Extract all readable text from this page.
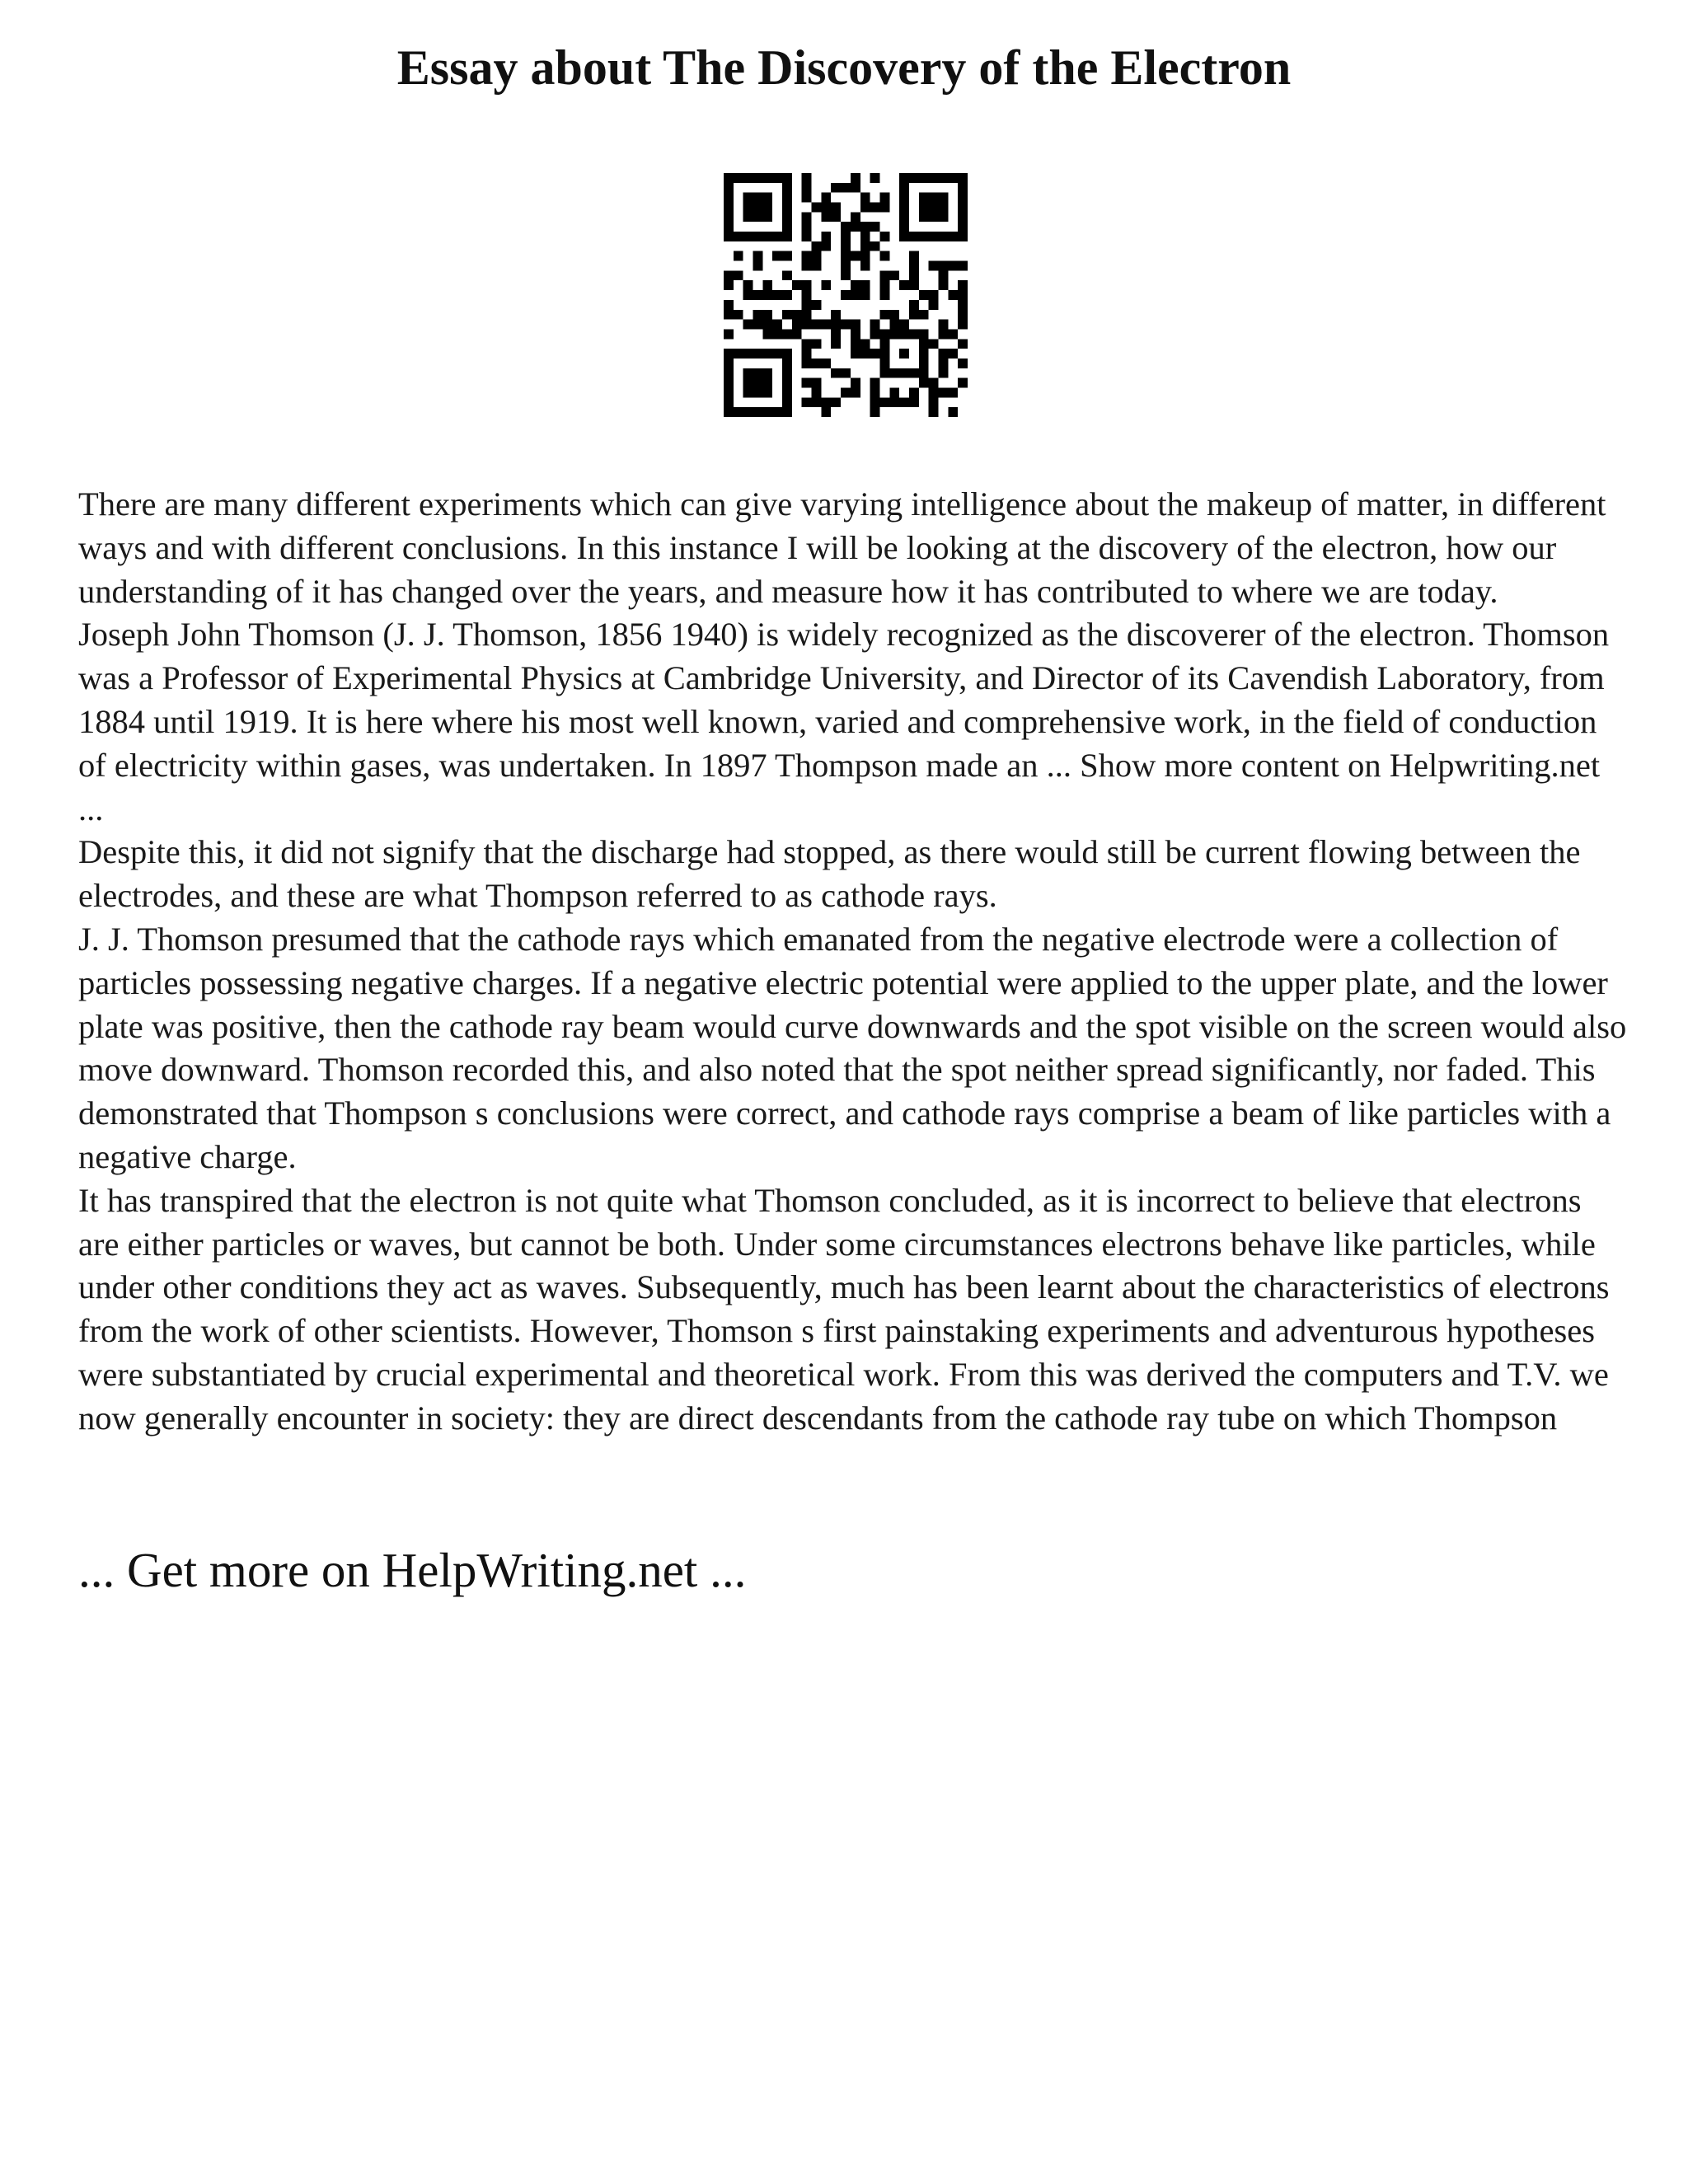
Essay about The Discovery of the Electron

There are many different experiments which can give varying intelligence about the makeup of matter, in different ways and with different conclusions. In this instance I will be looking at the discovery of the electron, how our understanding of it has changed over the years, and measure how it has contributed to where we are today.

Joseph John Thomson (J. J. Thomson, 1856 1940) is widely recognized as the discoverer of the electron. Thomson was a Professor of Experimental Physics at Cambridge University, and Director of its Cavendish Laboratory, from 1884 until 1919. It is here where his most well known, varied and comprehensive work, in the field of conduction of electricity within gases, was undertaken. In 1897 Thompson made an ... Show more content on Helpwriting.net ...

Despite this, it did not signify that the discharge had stopped, as there would still be current flowing between the electrodes, and these are what Thompson referred to as cathode rays.

J. J. Thomson presumed that the cathode rays which emanated from the negative electrode were a collection of particles possessing negative charges. If a negative electric potential were applied to the upper plate, and the lower plate was positive, then the cathode ray beam would curve downwards and the spot visible on the screen would also move downward. Thomson recorded this, and also noted that the spot neither spread significantly, nor faded. This demonstrated that Thompson s conclusions were correct, and cathode rays comprise a beam of like particles with a negative charge.

It has transpired that the electron is not quite what Thomson concluded, as it is incorrect to believe that electrons are either particles or waves, but cannot be both. Under some circumstances electrons behave like particles, while under other conditions they act as waves. Subsequently, much has been learnt about the characteristics of electrons from the work of other scientists. However, Thomson s first painstaking experiments and adventurous hypotheses were substantiated by crucial experimental and theoretical work. From this was derived the computers and T.V. we now generally encounter in society: they are direct descendants from the cathode ray tube on which Thompson

... Get more on HelpWriting.net ...
